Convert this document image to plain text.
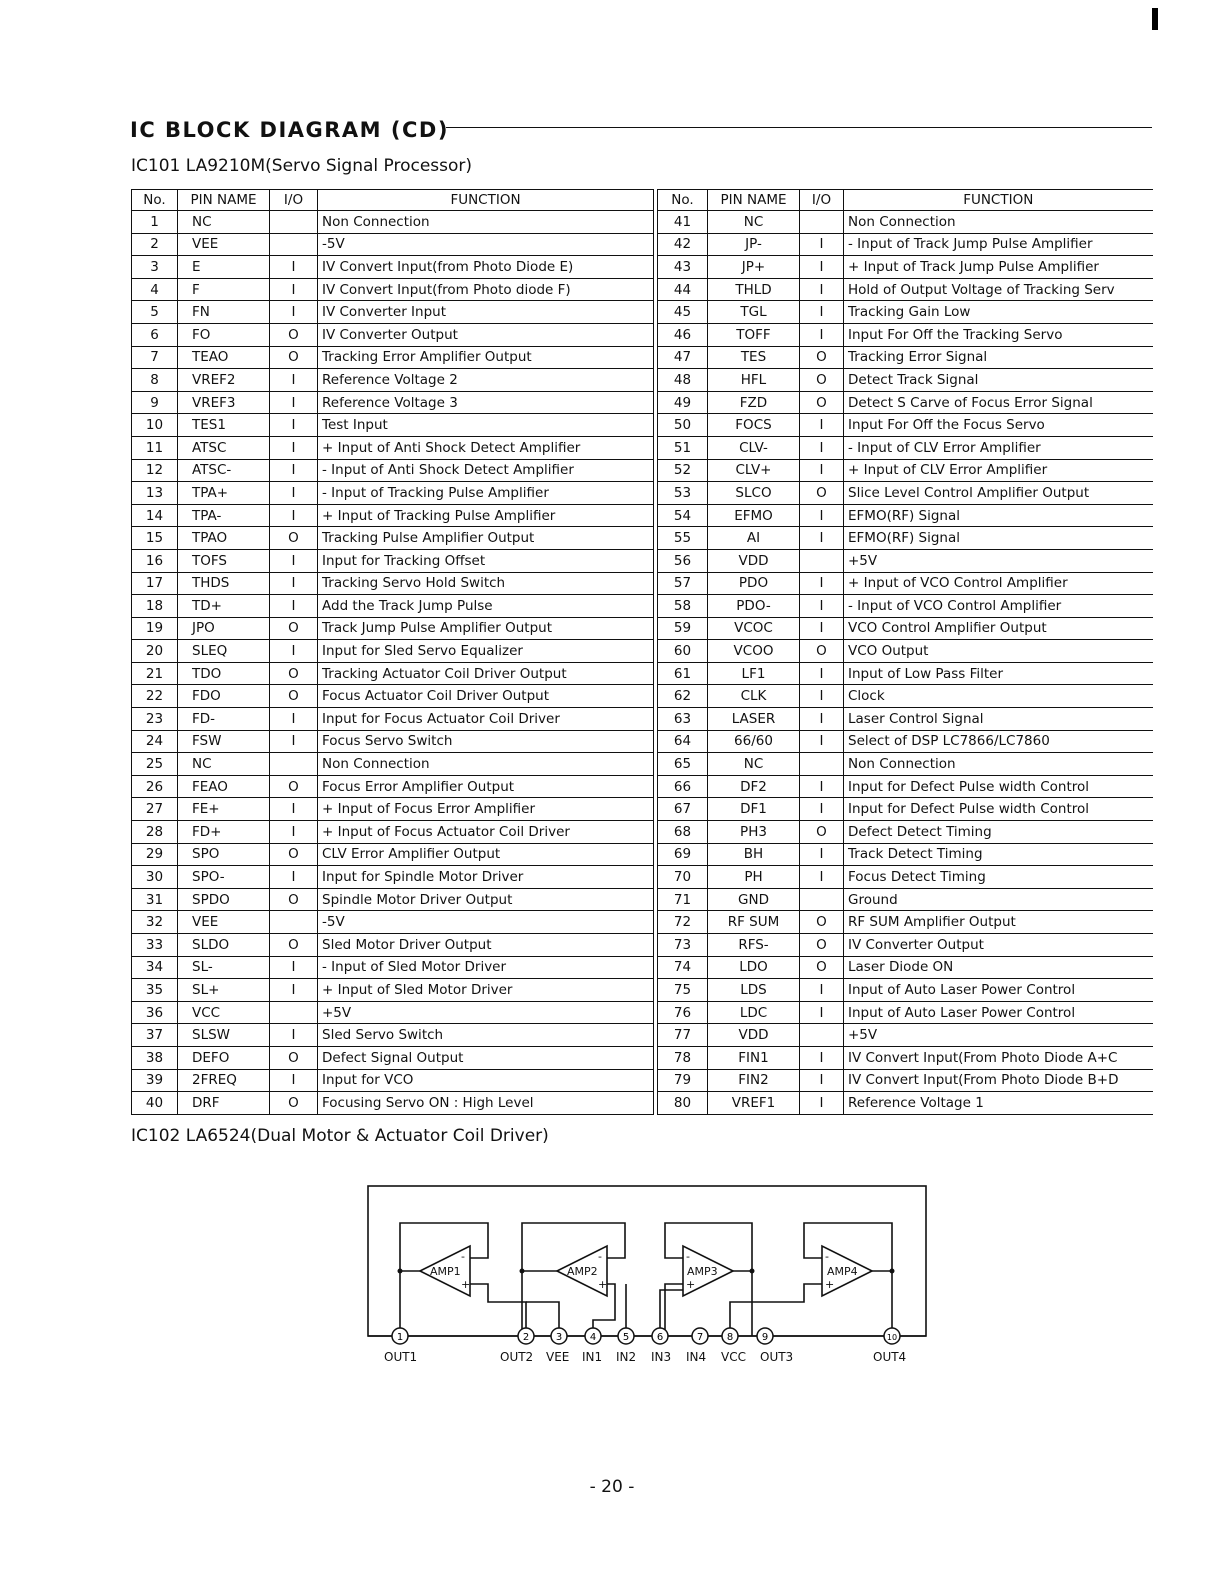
IC BLOCK DIAGRAM (CD)
IC101 LA9210M(Servo Signal Processor)
No.	PIN NAME	I/O	FUNCTION
1	NC		Non Connection
2	VEE		-5V
3	E	I	IV Convert Input(from Photo Diode E)
4	F	I	IV Convert Input(from Photo diode F)
5	FN	I	IV Converter Input
6	FO	O	IV Converter Output
7	TEAO	O	Tracking Error Amplifier Output
8	VREF2	I	Reference Voltage 2
9	VREF3	I	Reference Voltage 3
10	TES1	I	Test Input
11	ATSC	I	+ Input of Anti Shock Detect Amplifier
12	ATSC-	I	- Input of Anti Shock Detect Amplifier
13	TPA+	I	- Input of Tracking Pulse Amplifier
14	TPA-	I	+ Input of Tracking Pulse Amplifier
15	TPAO	O	Tracking Pulse Amplifier Output
16	TOFS	I	Input for Tracking Offset
17	THDS	I	Tracking Servo Hold Switch
18	TD+	I	Add the Track Jump Pulse
19	JPO	O	Track Jump Pulse Amplifier Output
20	SLEQ	I	Input for Sled Servo Equalizer
21	TDO	O	Tracking Actuator Coil Driver Output
22	FDO	O	Focus Actuator Coil Driver Output
23	FD-	I	Input for Focus Actuator Coil Driver
24	FSW	I	Focus Servo Switch
25	NC		Non Connection
26	FEAO	O	Focus Error Amplifier Output
27	FE+	I	+ Input of Focus Error Amplifier
28	FD+	I	+ Input of Focus Actuator Coil Driver
29	SPO	O	CLV Error Amplifier Output
30	SPO-	I	Input for Spindle Motor Driver
31	SPDO	O	Spindle Motor Driver Output
32	VEE		-5V
33	SLDO	O	Sled Motor Driver Output
34	SL-	I	- Input of Sled Motor Driver
35	SL+	I	+ Input of Sled Motor Driver
36	VCC		+5V
37	SLSW	I	Sled Servo Switch
38	DEFO	O	Defect Signal Output
39	2FREQ	I	Input for VCO
40	DRF	O	Focusing Servo ON : High Level
No.	PIN NAME	I/O	FUNCTION
41	NC		Non Connection
42	JP-	I	- Input of Track Jump Pulse Amplifier
43	JP+	I	+ Input of Track Jump Pulse Amplifier
44	THLD	I	Hold of Output Voltage of Tracking Serv
45	TGL	I	Tracking Gain Low
46	TOFF	I	Input For Off the Tracking Servo
47	TES	O	Tracking Error Signal
48	HFL	O	Detect Track Signal
49	FZD	O	Detect S Carve of Focus Error Signal
50	FOCS	I	Input For Off the Focus Servo
51	CLV-	I	- Input of CLV Error Amplifier
52	CLV+	I	+ Input of CLV Error Amplifier
53	SLCO	O	Slice Level Control Amplifier Output
54	EFMO	I	EFMO(RF) Signal
55	AI	I	EFMO(RF) Signal
56	VDD		+5V
57	PDO	I	+ Input of VCO Control Amplifier
58	PDO-	I	- Input of VCO Control Amplifier
59	VCOC	I	VCO Control Amplifier Output
60	VCOO	O	VCO Output
61	LF1	I	Input of Low Pass Filter
62	CLK	I	Clock
63	LASER	I	Laser Control Signal
64	66/60	I	Select of DSP LC7866/LC7860
65	NC		Non Connection
66	DF2	I	Input for Defect Pulse width Control
67	DF1	I	Input for Defect Pulse width Control
68	PH3	O	Defect Detect Timing
69	BH	I	Track Detect Timing
70	PH	I	Focus Detect Timing
71	GND		Ground
72	RF SUM	O	RF SUM Amplifier Output
73	RFS-	O	IV Converter Output
74	LDO	O	Laser Diode ON
75	LDS	I	Input of Auto Laser Power Control
76	LDC	I	Input of Auto Laser Power Control
77	VDD		+5V
78	FIN1	I	IV Convert Input(From Photo Diode A+C
79	FIN2	I	IV Convert Input(From Photo Diode B+D
80	VREF1	I	Reference Voltage 1
IC102 LA6524(Dual Motor & Actuator Coil Driver)
AMP1	AMP2	AMP3	AMP4
-
+
-
+
-
+
-
+
1	2	3	4	5	6	7 8	9	10
OUT1	OUT2 VEE IN1 IN2 IN3 IN4 VCC OUT3	OUT4
- 20 -
